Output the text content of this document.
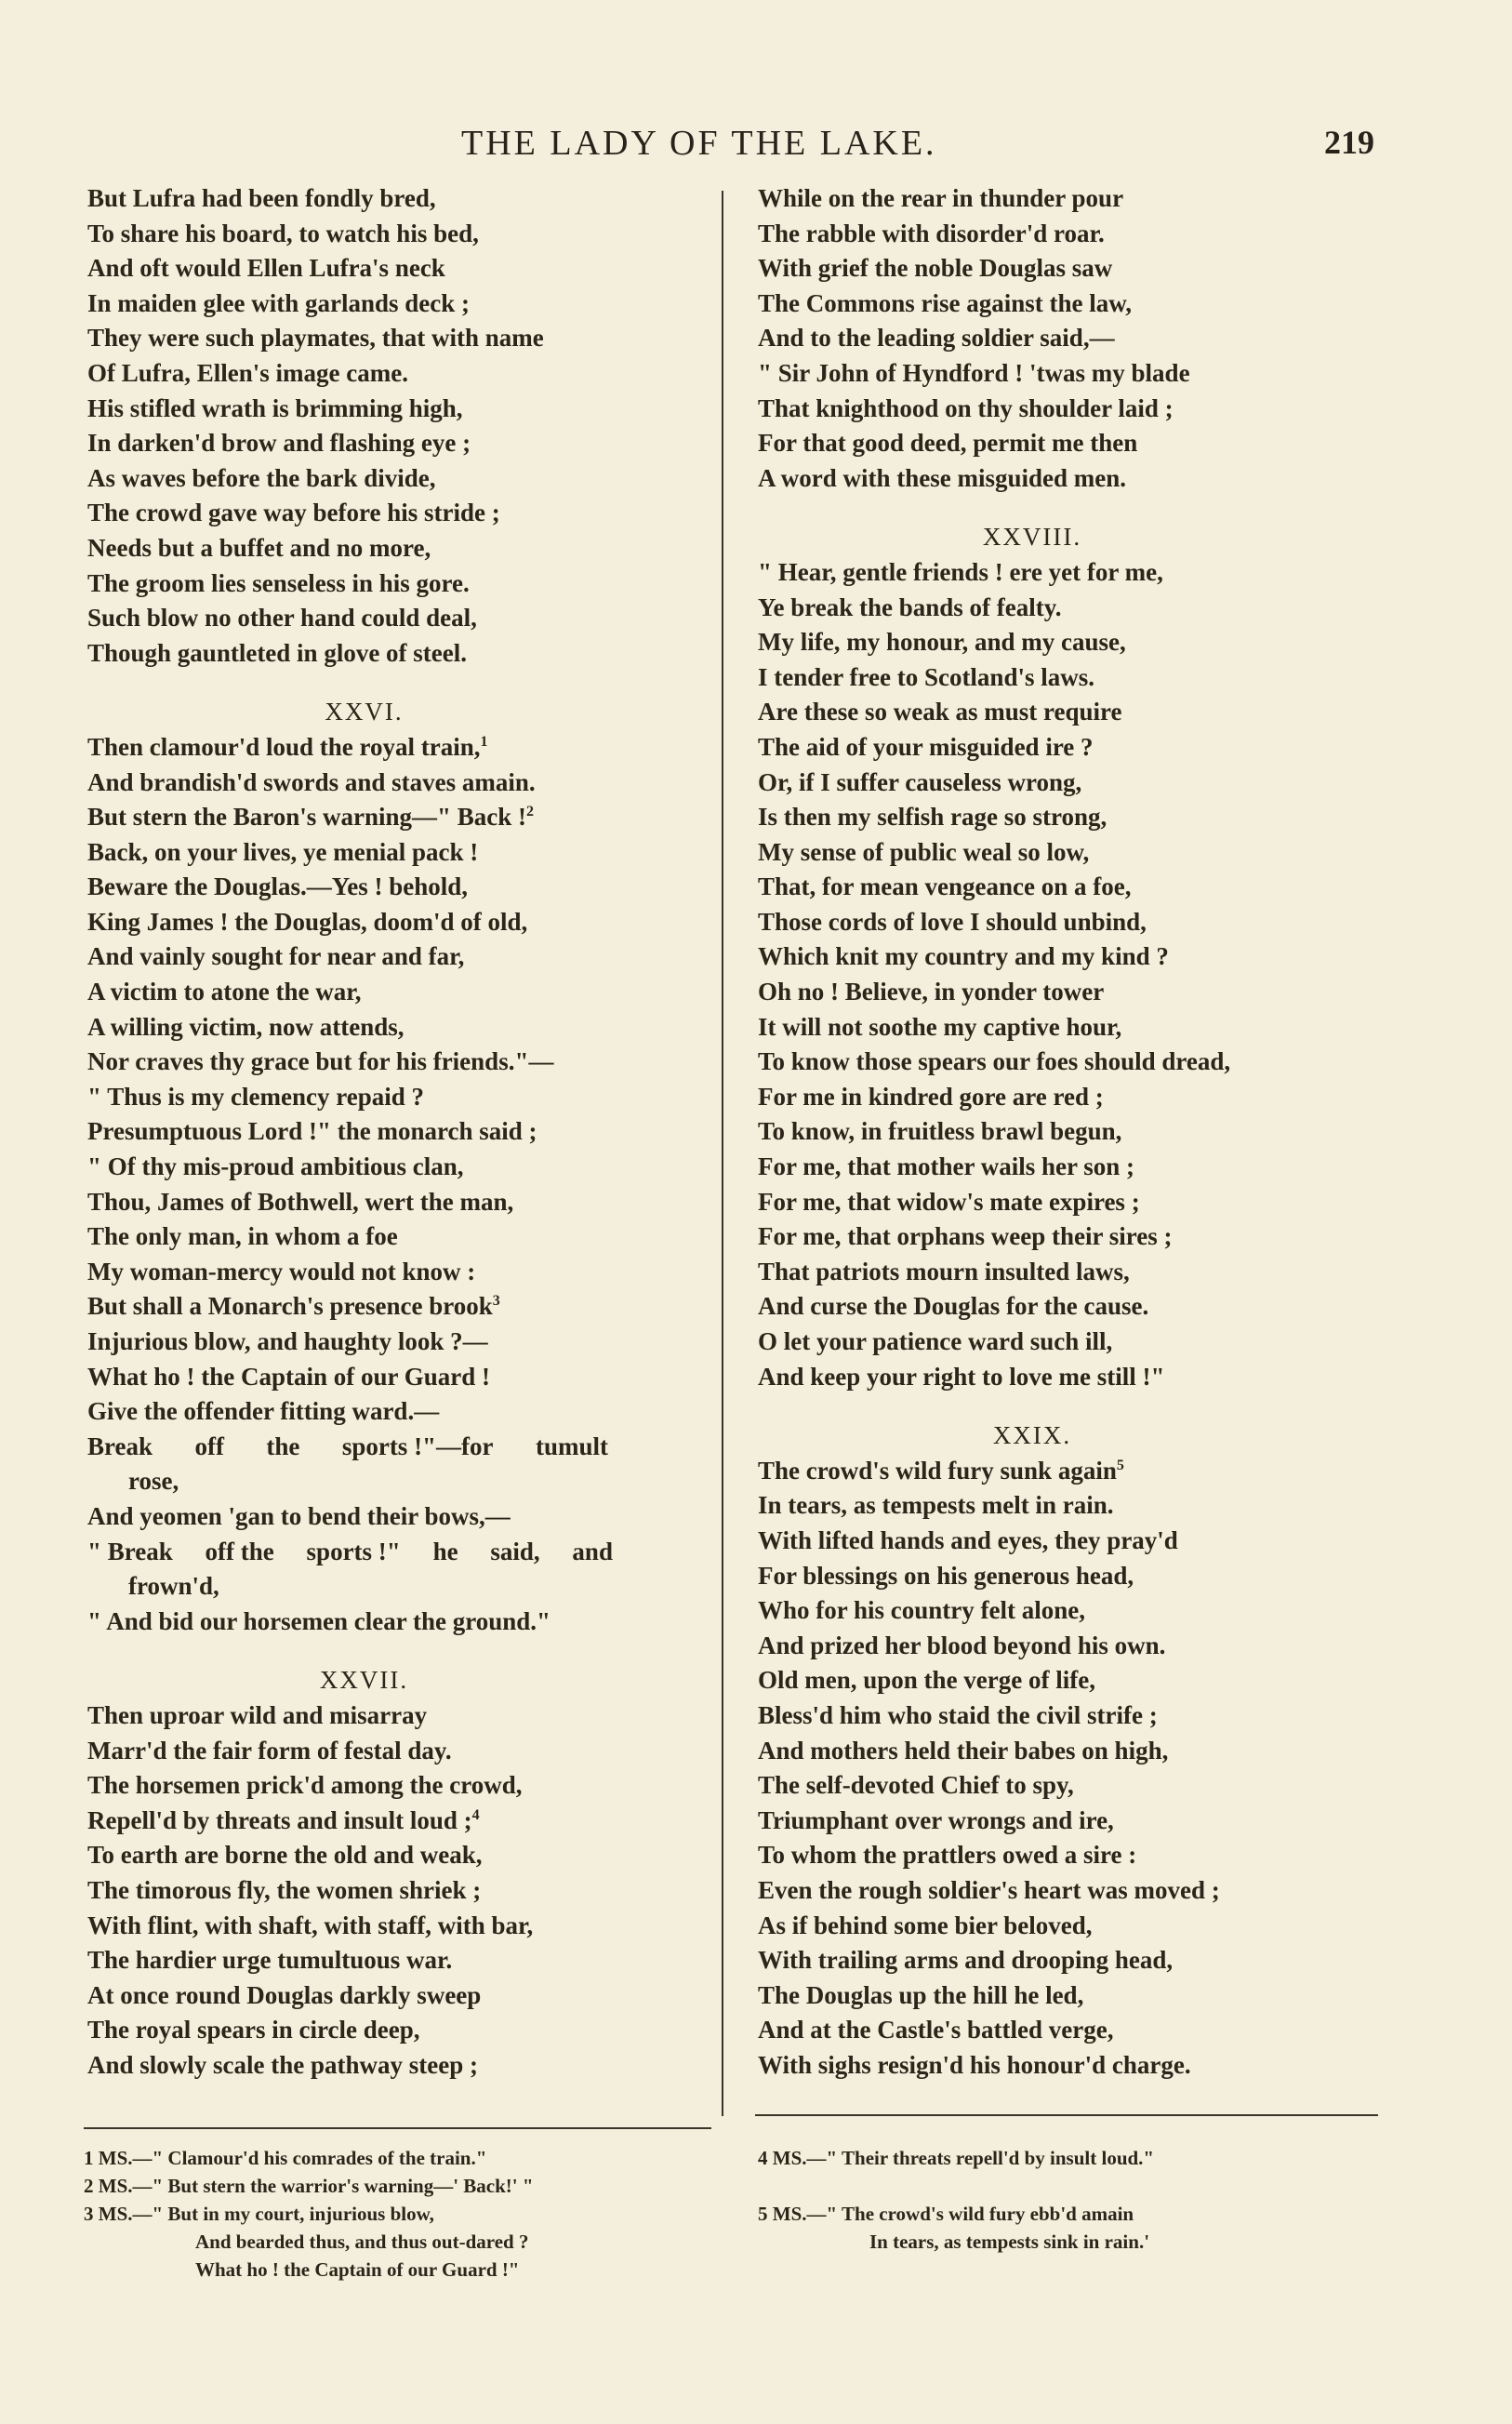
THE LADY OF THE LAKE.	219
But Lufra had been fondly bred,
To share his board, to watch his bed,
And oft would Ellen Lufra's neck
In maiden glee with garlands deck ;
They were such playmates, that with name
Of Lufra, Ellen's image came.
His stifled wrath is brimming high,
In darken'd brow and flashing eye ;
As waves before the bark divide,
The crowd gave way before his stride ;
Needs but a buffet and no more,
The groom lies senseless in his gore.
Such blow no other hand could deal,
Though gauntleted in glove of steel.
XXVI.
Then clamour'd loud the royal train,$^1$
And brandish'd swords and staves amain.
But stern the Baron's warning—" Back !$^2$
Back, on your lives, ye menial pack !
Beware the Douglas.—Yes ! behold,
King James ! the Douglas, doom'd of old,
And vainly sought for near and far,
A victim to atone the war,
A willing victim, now attends,
Nor craves thy grace but for his friends."—
" Thus is my clemency repaid ?
Presumptuous Lord !" the monarch said ;
" Of thy mis-proud ambitious clan,
Thou, James of Bothwell, wert the man,
The only man, in whom a foe
My woman-mercy would not know :
But shall a Monarch's presence brook$^3$
Injurious blow, and haughty look ?—
What ho ! the Captain of our Guard !
Give the offender fitting ward.—
Break off the sports !"—for tumult
rose,
And yeomen 'gan to bend their bows,—
" Break off the sports !" he said, and
frown'd,
" And bid our horsemen clear the ground."
XXVII.
Then uproar wild and misarray
Marr'd the fair form of festal day.
The horsemen prick'd among the crowd,
Repell'd by threats and insult loud ;$^4$
To earth are borne the old and weak,
The timorous fly, the women shriek ;
With flint, with shaft, with staff, with bar,
The hardier urge tumultuous war.
At once round Douglas darkly sweep
The royal spears in circle deep,
And slowly scale the pathway steep ;
While on the rear in thunder pour
The rabble with disorder'd roar.
With grief the noble Douglas saw
The Commons rise against the law,
And to the leading soldier said,—
" Sir John of Hyndford ! 'twas my blade
That knighthood on thy shoulder laid ;
For that good deed, permit me then
A word with these misguided men.
XXVIII.
" Hear, gentle friends ! ere yet for me,
Ye break the bands of fealty.
My life, my honour, and my cause,
I tender free to Scotland's laws.
Are these so weak as must require
The aid of your misguided ire ?
Or, if I suffer causeless wrong,
Is then my selfish rage so strong,
My sense of public weal so low,
That, for mean vengeance on a foe,
Those cords of love I should unbind,
Which knit my country and my kind ?
Oh no ! Believe, in yonder tower
It will not soothe my captive hour,
To know those spears our foes should dread,
For me in kindred gore are red ;
To know, in fruitless brawl begun,
For me, that mother wails her son ;
For me, that widow's mate expires ;
For me, that orphans weep their sires ;
That patriots mourn insulted laws,
And curse the Douglas for the cause.
O let your patience ward such ill,
And keep your right to love me still !"
XXIX.
The crowd's wild fury sunk again$^5$
In tears, as tempests melt in rain.
With lifted hands and eyes, they pray'd
For blessings on his generous head,
Who for his country felt alone,
And prized her blood beyond his own.
Old men, upon the verge of life,
Bless'd him who staid the civil strife ;
And mothers held their babes on high,
The self-devoted Chief to spy,
Triumphant over wrongs and ire,
To whom the prattlers owed a sire :
Even the rough soldier's heart was moved ;
As if behind some bier beloved,
With trailing arms and drooping head,
The Douglas up the hill he led,
And at the Castle's battled verge,
With sighs resign'd his honour'd charge.
1 MS.—" Clamour'd his comrades of the train."
2 MS.—" But stern the warrior's warning—' Back!' "
3 MS.—" But in my court, injurious blow,
And bearded thus, and thus out-dared ?
What ho ! the Captain of our Guard !"
4 MS.—" Their threats repell'd by insult loud."
5 MS.—" The crowd's wild fury ebb'd amain
In tears, as tempests sink in rain.'
